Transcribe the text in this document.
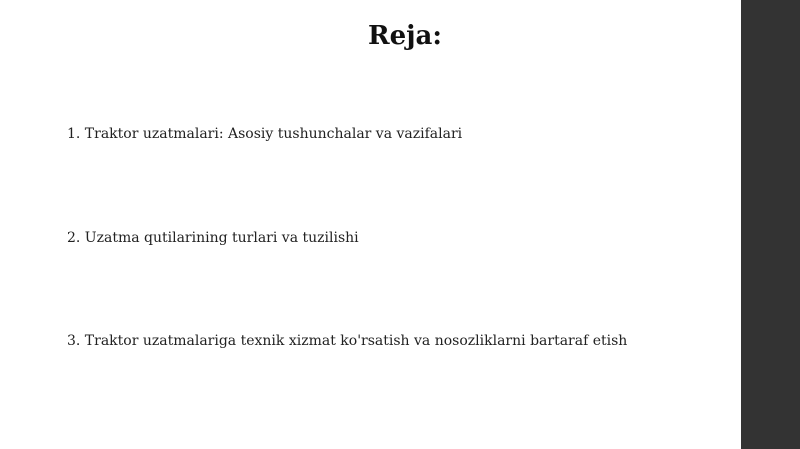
Reja:
1. Traktor uzatmalari: Asosiy tushunchalar va vazifalari
2. Uzatma qutilarining turlari va tuzilishi
3. Traktor uzatmalariga texnik xizmat ko'rsatish va nosozliklarni bartaraf etish
